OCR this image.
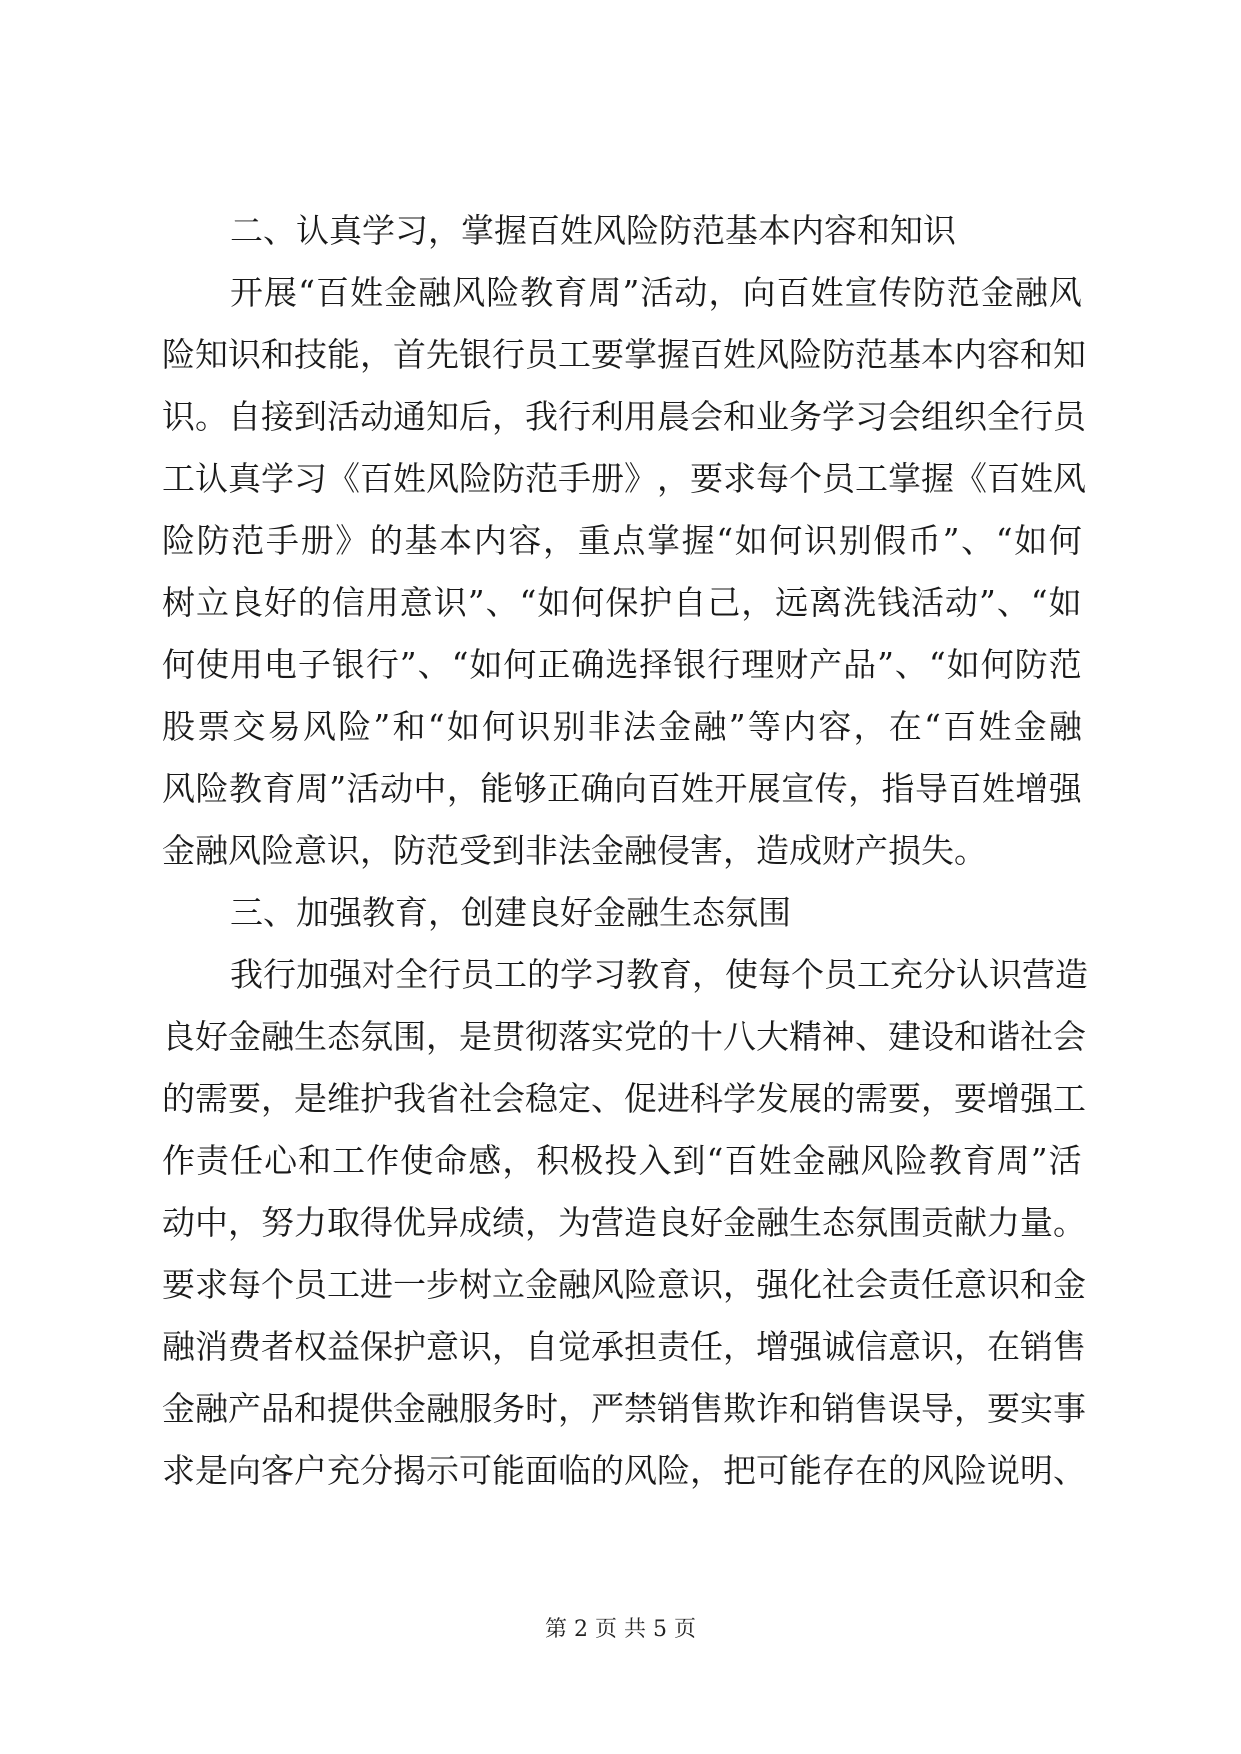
二、认真学习，掌握百姓风险防范基本内容和知识
开 展 “ 百 姓 金 融 风 险 教 育 周 ” 活 动 ， 向 百 姓 宣 传 防 范 金 融 风
险 知 识 和 技 能 ， 首 先 银 行 员 工 要 掌 握 百 姓 风 险 防 范 基 本 内 容 和 知
识 。 自 接 到 活 动 通 知 后 ， 我 行 利 用 晨 会 和 业 务 学 习 会 组 织 全 行 员
工 认 真 学 习 《 百 姓 风 险 防 范 手 册 》 ， 要 求 每 个 员 工 掌 握 《 百 姓 风
险 防 范 手 册 》 的 基 本 内 容 ， 重 点 掌 握 “ 如 何 识 别 假 币 ” 、 “ 如 何
树 立 良 好 的 信 用 意 识 ” 、 “ 如 何 保 护 自 己 ， 远 离 洗 钱 活 动 ” 、 “ 如
何 使 用 电 子 银 行 ” 、 “ 如 何 正 确 选 择 银 行 理 财 产 品 ” 、 “ 如 何 防 范
股 票 交 易 风 险 ” 和 “ 如 何 识 别 非 法 金 融 ” 等 内 容 ， 在 “ 百 姓 金 融
风 险 教 育 周 ” 活 动 中 ， 能 够 正 确 向 百 姓 开 展 宣 传 ， 指 导 百 姓 增 强
金融风险意识，防范受到非法金融侵害，造成财产损失。
三、加强教育，创建良好金融生态氛围
我 行 加 强 对 全 行 员 工 的 学 习 教 育 ， 使 每 个 员 工 充 分 认 识 营 造
良 好 金 融 生 态 氛 围 ， 是 贯 彻 落 实 党 的 十 八 大 精 神 、 建 设 和 谐 社 会
的 需 要 ， 是 维 护 我 省 社 会 稳 定 、 促 进 科 学 发 展 的 需 要 ， 要 增 强 工
作 责 任 心 和 工 作 使 命 感 ， 积 极 投 入 到 “ 百 姓 金 融 风 险 教 育 周 ” 活
动 中 ， 努 力 取 得 优 异 成 绩 ， 为 营 造 良 好 金 融 生 态 氛 围 贡 献 力 量 。
要 求 每 个 员 工 进 一 步 树 立 金 融 风 险 意 识 ， 强 化 社 会 责 任 意 识 和 金
融 消 费 者 权 益 保 护 意 识 ， 自 觉 承 担 责 任 ， 增 强 诚 信 意 识 ， 在 销 售
金 融 产 品 和 提 供 金 融 服 务 时 ， 严 禁 销 售 欺 诈 和 销 售 误 导 ， 要 实 事
求 是 向 客 户 充 分 揭 示 可 能 面 临 的 风 险 ， 把 可 能 存 在 的 风 险 说 明 、
第 2 页 共 5 页
